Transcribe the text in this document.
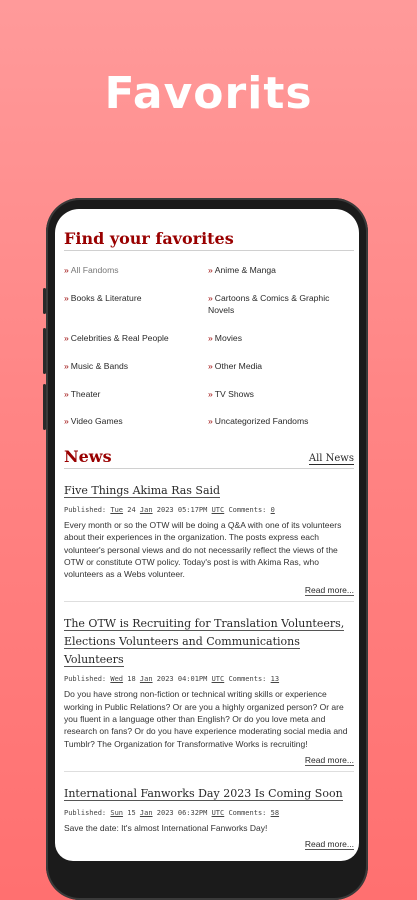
Favorits
Find your favorites
» All Fandoms	» Anime & Manga
» Books & Literature	» Cartoons & Comics & Graphic Novels
» Celebrities & Real People	» Movies
» Music & Bands	» Other Media
» Theater	» TV Shows
» Video Games	» Uncategorized Fandoms
News	All News
Five Things Akima Ras Said
Published: Tue 24 Jan 2023 05:17PM UTC Comments: 0
Every month or so the OTW will be doing a Q&A with one of its volunteers about their experiences in the organization. The posts express each volunteer's personal views and do not necessarily reflect the views of the OTW or constitute OTW policy. Today's post is with Akima Ras, who volunteers as a Webs volunteer.
Read more...
The OTW is Recruiting for Translation Volunteers, Elections Volunteers and Communications Volunteers
Published: Wed 18 Jan 2023 04:01PM UTC Comments: 13
Do you have strong non-fiction or technical writing skills or experience working in Public Relations? Or are you a highly organized person? Or are you fluent in a language other than English? Or do you love meta and research on fans? Or do you have experience moderating social media and Tumblr? The Organization for Transformative Works is recruiting!
Read more...
International Fanworks Day 2023 Is Coming Soon
Published: Sun 15 Jan 2023 06:32PM UTC Comments: 58
Save the date: It's almost International Fanworks Day!
Read more...
